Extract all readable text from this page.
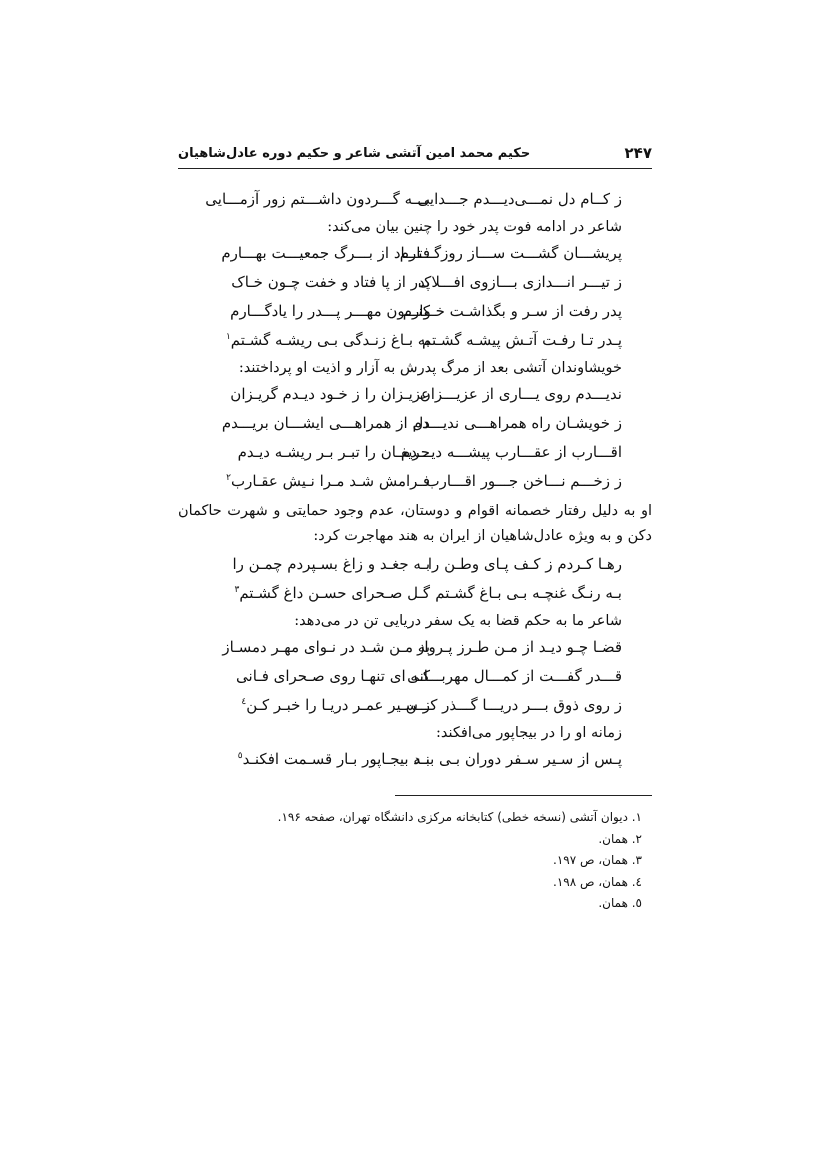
۲۴۷
حکیم محمد امین آتشی شاعر و حکیم دوره عادل‌شاهیان
ز کــام دل نمـــی‌دیـــدم جـــدایی
بـــه گـــردون داشـــتم زور آزمـــایی
شاعر در ادامه فوت پدر خود را چنین بیان می‌کند:
پریشـــان گشـــت ســـاز روزگـــارم
فتـــاد از بـــرگ جمعیـــت بهـــارم
ز تیـــر انـــدازی بـــازوی افـــلاک
پدر از پا فتاد و خفت چـون خـاک
پدر رفت از سـر و بگذاشـت خـوارم
کنـــون مهـــر پـــدر را یادگـــارم
پـدر تـا رفـت آتـش پیشـه گشـتم
به بـاغ زنـدگی بـی ریشـه گشـتم$^۱$
خویشاوندان آتشی بعد از مرگ پدرش به آزار و اذیت او پرداختند:
ندیـــدم روی یـــاری از عزیـــزان
عزیـزان را ز خـود دیـدم گریـزان
ز خویشـان راه همراهـــی ندیـــدم
دل از همراهـــی ایشـــان بریـــدم
اقـــارب از عقـــارب پیشـــه دیـــدم
حریفـان را تبـر بـر ریشـه دیـدم
ز زخـــم نـــاخن جـــور اقـــارب
فـرامش شـد مـرا نـیش عقـارب$^۲$
او به دلیل رفتار خصمانه اقوام و دوستان، عدم وجود حمایتی و شهرت حاکمان دکن و به ویژه عادل‌شاهیان از ایران به هند مهاجرت کرد:
رهـا کـردم ز کـف پـای وطـن را
بـه جغـد و زاغ بسـپردم چمـن را
بـه رنـگ غنچـه بـی بـاغ گشـتم
گـل صـحرای حسـن داغ گشـتم$^۳$
شاعر ما به حکم قضا به یک سفر دریایی تن در می‌دهد:
قضـا چـو دیـد از مـن طـرز پـرواز
به مـن شـد در نـوای مهـر دمسـاز
قـــدر گفـــت از کمـــال مهربـــانی
کـه ای تنهـا روی صـحرای فـانی
ز روی ذوق بـــر دریـــا گـــذر کـــن
ز سـیر عمـر دریـا را خبـر کـن$^٤$
زمانه او را در بیجاپور می‌افکند:
پـس از سـیر سـفر دوران بـی بنـد
بـه بیجـاپور بـار قسـمت افکنـد$^٥$
۱. دیوان آتشی (نسخه خطی) کتابخانه مرکزی دانشگاه تهران، صفحه ۱۹۶.
۲. همان.
۳. همان، ص ۱۹۷.
٤. همان، ص ۱۹۸.
٥. همان.
